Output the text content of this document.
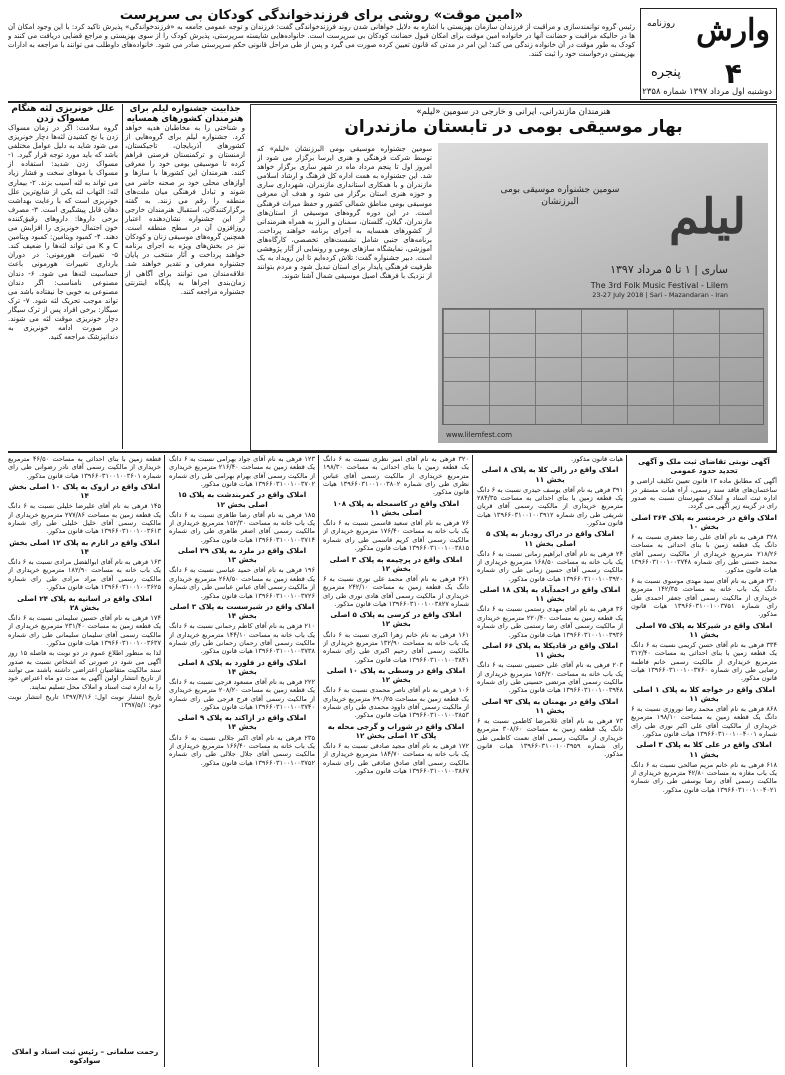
وارش
روزنامه
۴
پنجره
دوشنبه اول مرداد ۱۳۹۷ شماره ۲۳۵۸
«امین موقت» روشی برای فرزندخواندگی کودکان بی سرپرست
رئیس گروه توانمندسازی و مراقبت از فرزندان سازمان بهزیستی با اشاره به دلایل خواهانی شدن روند فرزندخواندگی گفت: فرزندان و توجه عمومی جامعه به «فرزندخواندگی» پذیرش تاکید کرد: با این وجود امکان آن ها در حالیکه مراقبت و حضانت آنها در خانواده امین موقت برای امکان قبول حضانت کودکان بی سرپرست است. خانواده‌هایی شایسته سرپرستی، پذیرش کودک را از سوی بهزیستی و مراجع قضایی دریافت می کنند و کودک به طور موقت در آن خانواده زندگی می کند؛ این امر در مدتی که قانون تعیین کرده صورت می گیرد و پس از طی مراحل قانونی حکم سرپرستی صادر می شود. خانواده‌های داوطلب می توانند با مراجعه به ادارات بهزیستی درخواست خود را ثبت کنند.
هنرمندان مازندرانی، ایرانی و خارجی در سومین «لیلم»
بهار موسیقی بومی در تابستان مازندران
لیلم
سومین جشنواره موسیقی بومی البرزنشان
ساری | ۱ تا ۵ مرداد ۱۳۹۷
The 3rd Folk Music Festival - Lilem
23-27 July 2018 | Sari - Mazandaran - Iran
www.lilemfest.com
سومین جشنواره موسیقی بومی البرزنشان «لیلم» که توسط شرکت فرهنگی و هنری ایرسا برگزار می شود از امروز اول تا پنجم مرداد ماه در شهر ساری برگزار خواهد شد. این جشنواره به همت اداره کل فرهنگ و ارشاد اسلامی مازندران و با همکاری استانداری مازندران، شهرداری ساری و حوزه هنری استان برگزار می شود و هدف آن معرفی موسیقی بومی مناطق شمالی کشور و حفظ میراث فرهنگی است. در این دوره گروه‌های موسیقی از استان‌های مازندران، گیلان، گلستان، سمنان و البرز به همراه هنرمندانی از کشورهای همسایه به اجرای برنامه خواهند پرداخت. برنامه‌های جنبی شامل نشست‌های تخصصی، کارگاه‌های آموزشی، نمایشگاه سازهای بومی و رونمایی از آثار پژوهشی است. دبیر جشنواره گفت: تلاش کرده‌ایم تا این رویداد به یک ظرفیت فرهنگی پایدار برای استان تبدیل شود و مردم بتوانند از نزدیک با فرهنگ اصیل موسیقی شمال آشنا شوند.
جذابیت جشنواره لیلم برای هنرمندان کشورهای همسایه
و شناختی را به مخاطبان هدیه خواهد کرد. جشنواره لیلم برای گروه‌هایی از کشورهای آذربایجان، تاجیکستان، ارمنستان و ترکمنستان فرصتی فراهم کرده تا موسیقی بومی خود را معرفی کنند. هنرمندان این کشورها با سازها و آوازهای محلی خود بر صحنه حاضر می شوند و تبادل فرهنگی میان ملت‌های منطقه را رقم می زنند. به گفته برگزارکنندگان، استقبال هنرمندان خارجی از این جشنواره نشان‌دهنده اعتبار روزافزون آن در سطح منطقه است. همچنین گروه‌های موسیقی زنان و کودکان نیز در بخش‌های ویژه به اجرای برنامه خواهند پرداخت و آثار منتخب در پایان جشنواره معرفی و تقدیر خواهند شد. علاقه‌مندان می توانند برای آگاهی از زمان‌بندی اجراها به پایگاه اینترنتی جشنواره مراجعه کنند.
علل خونریزی لثه هنگام مسواک زدن
گروه سلامت: اگر در زمان مسواک زدن یا نخ کشیدن لثه‌ها دچار خونریزی می شود شاید به دلیل عوامل مختلفی باشد که باید مورد توجه قرار گیرد. ۱- مسواک زدن شدید: استفاده از مسواک با موهای سخت و فشار زیاد می تواند به لثه آسیب بزند. ۲- بیماری لثه: التهاب لثه یکی از شایع‌ترین علل خونریزی است که با رعایت بهداشت دهان قابل پیشگیری است. ۳- مصرف برخی داروها: داروهای رقیق‌کننده خون احتمال خونریزی را افزایش می دهند. ۴- کمبود ویتامین: کمبود ویتامین C و K می تواند لثه‌ها را ضعیف کند. ۵- تغییرات هورمونی: در دوران بارداری تغییرات هورمونی باعث حساسیت لثه‌ها می شود. ۶- دندان مصنوعی نامناسب: اگر دندان مصنوعی به خوبی جا نیفتاده باشد می تواند موجب تحریک لثه شود. ۷- ترک سیگار: برخی افراد پس از ترک سیگار دچار خونریزی موقت لثه می شوند. در صورت ادامه خونریزی به دندانپزشک مراجعه کنید.
آگهی نوبتی تقاضای ثبت ملک و آگهی تحدید حدود عمومی

آگهی که مطابق ماده ۱۳ قانون تعیین تکلیف اراضی و ساختمان‌های فاقد سند رسمی، آراء هیات مستقر در اداره ثبت اسناد و املاک شهرستان نسبت به صدور رای در گزینه زیر آگهی می گردد.

املاک واقع در خرمنسر به پلاک ۳۶۴ اصلی بخش ۱۰

۳۲۸ فرهی به نام آقای علی رضا جعفری نسبت به ۶ دانگ یک قطعه زمین با بنای احداثی به مساحت ۲۱۸/۲۶ مترمربع خریداری از مالکیت رسمی آقای محمد حسنی طی رای شماره ۱۳۹۶۶۰۳۱۰۰۱۰۰۳۷۴۸ هیات قانون مذکور.

۲۳۰ فرهی به نام آقای سید مهدی موسوی نسبت به ۶ دانگ یک باب خانه به مساحت ۱۴۲/۳۵ مترمربع خریداری از مالکیت رسمی آقای جعفر احمدی طی رای شماره ۱۳۹۶۶۰۳۱۰۰۱۰۰۳۷۵۱ هیات قانون مذکور.

املاک واقع در شیرکلا به پلاک ۷۵ اصلی بخش ۱۱

۳۳۴ فرهی به نام آقای حسن کریمی نسبت به ۶ دانگ یک قطعه زمین با بنای احداثی به مساحت ۳۱۲/۴۰ مترمربع خریداری از مالکیت رسمی خانم فاطمه رضایی طی رای شماره ۱۳۹۶۶۰۳۱۰۰۱۰۰۳۷۶۰ هیات قانون مذکور.

املاک واقع در خواجه کلا به پلاک ۱ اصلی بخش ۱۱

۸۶۸ فرهی به نام آقای محمد رضا نوروزی نسبت به ۶ دانگ یک قطعه زمین به مساحت ۱۹۸/۱۰ مترمربع خریداری از مالکیت آقای علی اکبر نوری طی رای شماره ۱۳۹۶۶۰۳۱۰۰۱۰۰۴۰۰۱ هیات قانون مذکور.

املاک واقع در علی کلا به پلاک ۳ اصلی بخش ۱۱

۶۱۸ فرهی به نام خانم مریم صالحی نسبت به ۶ دانگ یک باب مغازه به مساحت ۴۲/۸۰ مترمربع خریداری از مالکیت رسمی آقای رضا یوسفی طی رای شماره ۱۳۹۶۶۰۳۱۰۰۱۰۰۴۰۲۱ هیات قانون مذکور.

هیات قانون مذکور.

املاک واقع در زالی کلا به پلاک ۸ اصلی بخش ۱۱

۳۹۱ فرهی به نام آقای یوسف حیدری نسبت به ۶ دانگ یک قطعه زمین با بنای احداثی به مساحت ۲۸۴/۳۵ مترمربع خریداری از مالکیت رسمی آقای قربان شریفی طی رای شماره ۱۳۹۶۶۰۳۱۰۰۱۰۰۳۹۱۲ هیات قانون مذکور.

املاک واقع در دراک رودبار به پلاک ۵ اصلی بخش ۱۱

۲۴ فرهی به نام آقای ابراهیم زمانی نسبت به ۶ دانگ یک باب خانه به مساحت ۱۶۸/۵۰ مترمربع خریداری از مالکیت رسمی آقای حسین زمانی طی رای شماره ۱۳۹۶۶۰۳۱۰۰۱۰۰۳۹۲۰ هیات قانون مذکور.

املاک واقع در احمدآباد به پلاک ۱۸ اصلی بخش ۱۱

۳۶ فرهی به نام آقای مهدی رستمی نسبت به ۶ دانگ یک قطعه زمین به مساحت ۲۲۰/۴۰ مترمربع خریداری از مالکیت رسمی آقای رضا رستمی طی رای شماره ۱۳۹۶۶۰۳۱۰۰۱۰۰۳۹۳۶ هیات قانون مذکور.

املاک واقع در قادیکلا به پلاک ۶۶ اصلی بخش ۱۱

۲۰۳ فرهی به نام آقای علی حسینی نسبت به ۶ دانگ یک باب خانه به مساحت ۱۵۴/۲۰ مترمربع خریداری از مالکیت رسمی آقای مرتضی حسینی طی رای شماره ۱۳۹۶۶۰۳۱۰۰۱۰۰۳۹۴۸ هیات قانون مذکور.

املاک واقع در بهمنان به پلاک ۹۳ اصلی بخش ۱۱

۷۳ فرهی به نام آقای غلامرضا کاظمی نسبت به ۶ دانگ یک قطعه زمین به مساحت ۳۰۸/۶۰ مترمربع خریداری از مالکیت رسمی آقای نعمت کاظمی طی رای شماره ۱۳۹۶۶۰۳۱۰۰۱۰۰۳۹۵۹ هیات قانون مذکور.

۳۲۰ فرهی به نام آقای امیر نظری نسبت به ۶ دانگ یک قطعه زمین با بنای احداثی به مساحت ۱۹۸/۳۰ مترمربع خریداری از مالکیت رسمی آقای عباس نظری طی رای شماره ۱۳۹۶۶۰۳۱۰۰۱۰۰۳۸۰۲ هیات قانون مذکور.

املاک واقع در کاسمحله به پلاک ۱۰۸ اصلی بخش ۱۱

۷۶ فرهی به نام آقای سعید قاسمی نسبت به ۶ دانگ یک باب خانه به مساحت ۱۷۶/۴۰ مترمربع خریداری از مالکیت رسمی آقای کریم قاسمی طی رای شماره ۱۳۹۶۶۰۳۱۰۰۱۰۰۳۸۱۵ هیات قانون مذکور.

املاک واقع در پرچیمه به پلاک ۳ اصلی بخش ۱۲

۲۶۱ فرهی به نام آقای محمد علی نوری نسبت به ۶ دانگ یک قطعه زمین به مساحت ۲۴۲/۱۰ مترمربع خریداری از مالکیت رسمی آقای هادی نوری طی رای شماره ۱۳۹۶۶۰۳۱۰۰۱۰۰۳۸۲۷ هیات قانون مذکور.

املاک واقع در کرسی به پلاک ۵ اصلی بخش ۱۲

۱۶۱ فرهی به نام خانم زهرا اکبری نسبت به ۶ دانگ یک باب خانه به مساحت ۱۳۲/۹۰ مترمربع خریداری از مالکیت رسمی آقای رحیم اکبری طی رای شماره ۱۳۹۶۶۰۳۱۰۰۱۰۰۳۸۴۱ هیات قانون مذکور.

املاک واقع در وسطی به پلاک ۱۰ اصلی بخش ۱۲

۱۰۶ فرهی به نام آقای ناصر محمدی نسبت به ۶ دانگ یک قطعه زمین به مساحت ۲۹۰/۲۵ مترمربع خریداری از مالکیت رسمی آقای داوود محمدی طی رای شماره ۱۳۹۶۶۰۳۱۰۰۱۰۰۳۸۵۳ هیات قانون مذکور.

املاک واقع در شوراب و گرجی محله به پلاک ۱۳ اصلی بخش ۱۲

۱۷۲ فرهی به نام آقای مجید صادقی نسبت به ۶ دانگ یک باب خانه به مساحت ۱۸۴/۷۰ مترمربع خریداری از مالکیت رسمی آقای صادق صادقی طی رای شماره ۱۳۹۶۶۰۳۱۰۰۱۰۰۳۸۶۷ هیات قانون مذکور.

۱۲۳ فرهی به نام آقای جواد بهرامی نسبت به ۶ دانگ یک قطعه زمین به مساحت ۲۱۶/۴۰ مترمربع خریداری از مالکیت رسمی آقای بهرام بهرامی طی رای شماره ۱۳۹۶۶۰۳۱۰۰۱۰۰۳۷۰۲ هیات قانون مذکور.

املاک واقع در کمربندشت به پلاک ۱۵ اصلی بخش ۱۲

۱۸۵ فرهی به نام آقای رضا طاهری نسبت به ۶ دانگ یک باب خانه به مساحت ۱۵۲/۳۰ مترمربع خریداری از مالکیت رسمی آقای اصغر طاهری طی رای شماره ۱۳۹۶۶۰۳۱۰۰۱۰۰۳۷۱۴ هیات قانون مذکور.

املاک واقع در ملرد به پلاک ۲۹ اصلی بخش ۱۳

۱۹۶ فرهی به نام آقای حمید عباسی نسبت به ۶ دانگ یک قطعه زمین به مساحت ۲۶۸/۵۰ مترمربع خریداری از مالکیت رسمی آقای عباس عباسی طی رای شماره ۱۳۹۶۶۰۳۱۰۰۱۰۰۳۷۲۶ هیات قانون مذکور.

املاک واقع در شیرسست به پلاک ۳ اصلی بخش ۱۴

۲۱۰ فرهی به نام آقای کاظم رحمانی نسبت به ۶ دانگ یک باب خانه به مساحت ۱۴۴/۱۰ مترمربع خریداری از مالکیت رسمی آقای رحمان رحمانی طی رای شماره ۱۳۹۶۶۰۳۱۰۰۱۰۰۳۷۳۸ هیات قانون مذکور.

املاک واقع در فلورد به پلاک ۸ اصلی بخش ۱۴

۲۲۲ فرهی به نام آقای مسعود فرجی نسبت به ۶ دانگ یک قطعه زمین به مساحت ۲۰۸/۲۰ مترمربع خریداری از مالکیت رسمی آقای فرج فرجی طی رای شماره ۱۳۹۶۶۰۳۱۰۰۱۰۰۳۷۴۰ هیات قانون مذکور.

املاک واقع در ازاکند به پلاک ۹ اصلی بخش ۱۴

۲۳۵ فرهی به نام آقای اکبر جلالی نسبت به ۶ دانگ یک باب خانه به مساحت ۱۶۶/۴۰ مترمربع خریداری از مالکیت رسمی آقای جلال جلالی طی رای شماره ۱۳۹۶۶۰۳۱۰۰۱۰۰۳۷۵۲ هیات قانون مذکور.

قطعه زمین با بنای احداثی به مساحت ۴۶/۵۰ مترمربع خریداری از مالکیت رسمی آقای نادر رضوانی طی رای شماره ۱۳۹۶۶۰۳۱۰۰۱۰۰۳۶۰۱ هیات قانون مذکور.

املاک واقع در ازوک به پلاک ۱۰ اصلی بخش ۱۴

۱۴۵ فرهی به نام آقای علیرضا خلیلی نسبت به ۶ دانگ یک قطعه زمین به مساحت ۲۷۷/۸۶ مترمربع خریداری از مالکیت رسمی آقای خلیل خلیلی طی رای شماره ۱۳۹۶۶۰۳۱۰۰۱۰۰۳۶۱۳ هیات قانون مذکور.

املاک واقع در انارم به پلاک ۱۲ اصلی بخش ۱۴

۱۶۳ فرهی به نام آقای ابوالفضل مرادی نسبت به ۶ دانگ یک باب خانه به مساحت ۱۸۲/۹۰ مترمربع خریداری از مالکیت رسمی آقای مراد مرادی طی رای شماره ۱۳۹۶۶۰۳۱۰۰۱۰۰۳۶۲۵ هیات قانون مذکور.

املاک واقع در اسانیه به پلاک ۲۴ اصلی بخش ۲۸

۱۷۴ فرهی به نام آقای حسین سلیمانی نسبت به ۶ دانگ یک قطعه زمین به مساحت ۲۳۱/۴۰ مترمربع خریداری از مالکیت رسمی آقای سلیمان سلیمانی طی رای شماره ۱۳۹۶۶۰۳۱۰۰۱۰۰۳۶۳۷ هیات قانون مذکور.

لذا به منظور اطلاع عموم در دو نوبت به فاصله ۱۵ روز آگهی می شود در صورتی که اشخاص نسبت به صدور سند مالکیت متقاضیان اعتراضی داشته باشند می توانند از تاریخ انتشار اولین آگهی به مدت دو ماه اعتراض خود را به اداره ثبت اسناد و املاک محل تسلیم نمایند.

تاریخ انتشار نوبت اول: ۱۳۹۷/۴/۱۶ تاریخ انتشار نوبت دوم: ۱۳۹۷/۵/۱

رحمت سلمانی – رئیس ثبت اسناد و املاک سوادکوه
